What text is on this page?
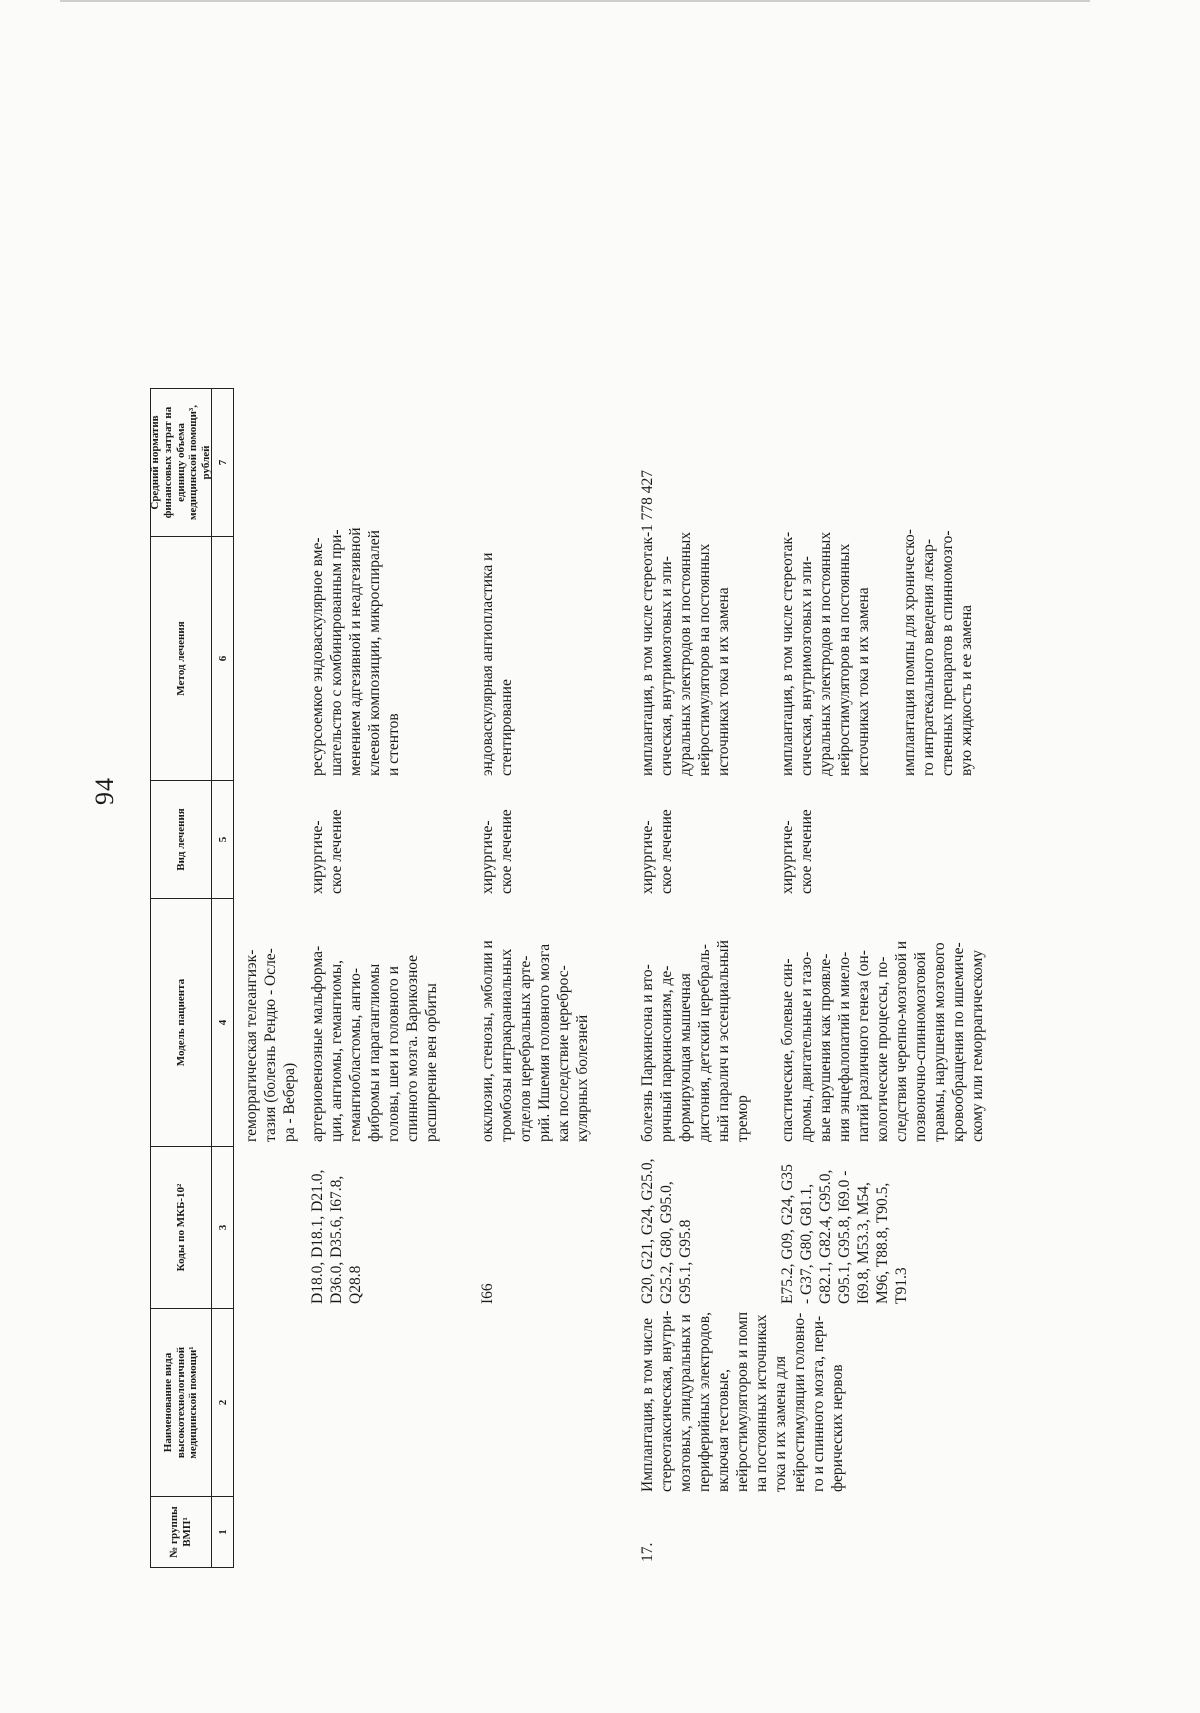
94
№ группы ВМП¹
Наименование вида высокотехнологичной медицинской помощи¹
Коды по МКБ-10²
Модель пациента
Вид лечения
Метод лечения
Средний норматив финансовых затрат на единицу объема медицинской помощи³, рублей
1
2
3
4
5
6
7
геморрагическая телеангиэк-
тазия (болезнь Рендю - Осле-
ра - Вебера)
D18.0, D18.1, D21.0,
D36.0, D35.6, I67.8,
Q28.8
артериовенозные мальформа-
ции, ангиомы, гемангиомы,
гемангиобластомы, ангио-
фибромы и параганглиомы
головы, шеи и головного и
спинного мозга. Варикозное
расширение вен орбиты
хирургиче-
ское лечение
ресурсоемкое эндоваскулярное вме-
шательство с комбинированным при-
менением адгезивной и неадгезивной
клеевой композиции, микроспиралей
и стентов
I66
окклюзии, стенозы, эмболии и
тромбозы интракраниальных
отделов церебральных арте-
рий. Ишемия головного мозга
как последствие цереброс-
кулярных болезней
хирургиче-
ское лечение
эндоваскулярная ангиопластика и
стентирование
17.
Имплантация, в том числе
стереотаксическая, внутри-
мозговых, эпидуральных и
периферийных электродов,
включая тестовые,
нейростимуляторов и помп
на постоянных источниках
тока и их замена для
нейростимуляции головно-
го и спинного мозга, пери-
ферических нервов
G20, G21, G24, G25.0,
G25.2, G80, G95.0,
G95.1, G95.8
болезнь Паркинсона и вто-
ричный паркинсонизм, де-
формирующая мышечная
дистония, детский церебраль-
ный паралич и эссенциальный
тремор
хирургиче-
ское лечение
имплантация, в том числе стереотак-
сическая, внутримозговых и эпи-
дуральных электродов и постоянных
нейростимуляторов на постоянных
источниках тока и их замена
1 778 427
E75.2, G09, G24, G35
- G37, G80, G81.1,
G82.1, G82.4, G95.0,
G95.1, G95.8, I69.0 -
I69.8, M53.3, M54,
M96, T88.8, T90.5,
T91.3
спастические, болевые син-
дромы, двигательные и тазо-
вые нарушения как проявле-
ния энцефалопатий и миело-
патий различного генеза (он-
кологические процессы, по-
следствия черепно-мозговой и
позвоночно-спинномозговой
травмы, нарушения мозгового
кровообращения по ишемиче-
скому или геморрагическому
хирургиче-
ское лечение
имплантация, в том числе стереотак-
сическая, внутримозговых и эпи-
дуральных электродов и постоянных
нейростимуляторов на постоянных
источниках тока и их замена
имплантация помпы для хроническо-
го интратекального введения лекар-
ственных препаратов в спинномозго-
вую жидкость и ее замена
